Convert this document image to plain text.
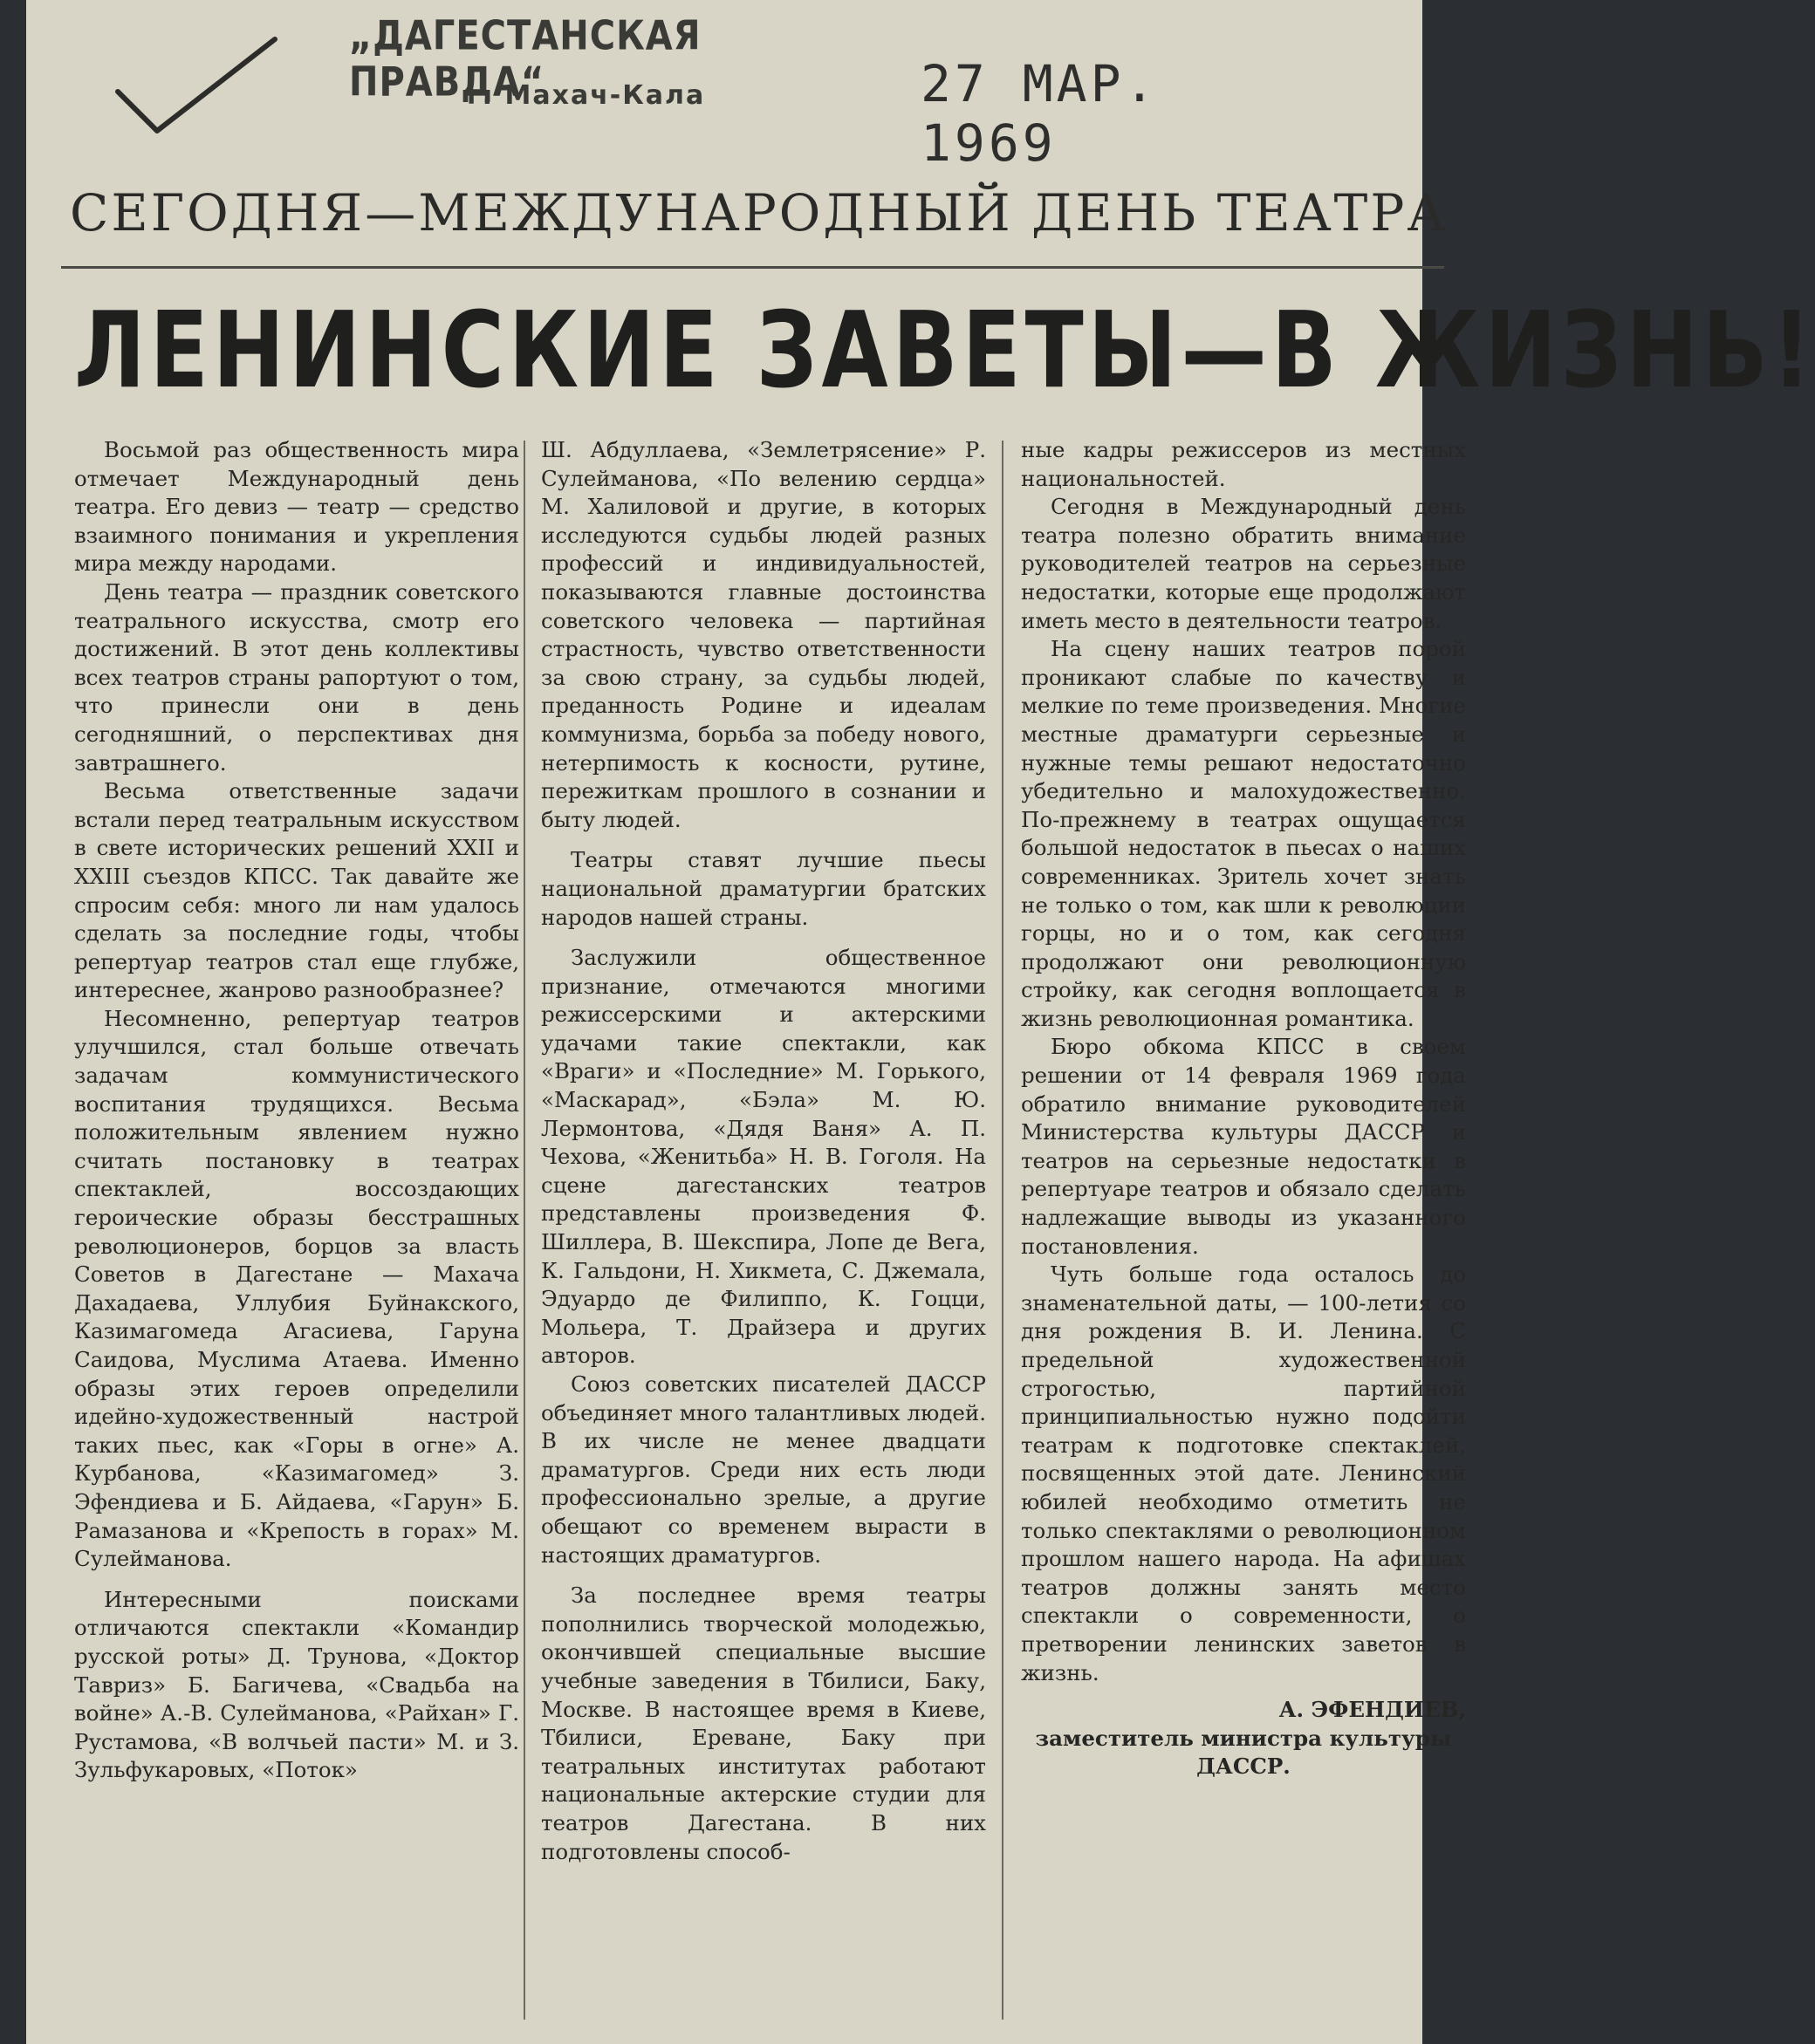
„ДАГЕСТАНСКАЯ ПРАВДА“
г. Махач-Кала	27 МАР. 1969
СЕГОДНЯ—МЕЖДУНАРОДНЫЙ ДЕНЬ ТЕАТРА
ЛЕНИНСКИЕ ЗАВЕТЫ—В ЖИЗНЬ!

Восьмой раз общественность мира отмечает Международный день театра. Его девиз — театр — средство взаимного понимания и укрепления мира между народами.

День театра — праздник советского театрального искусства, смотр его достижений. В этот день коллективы всех театров страны рапортуют о том, что принесли они в день сегодняшний, о перспективах дня завтрашнего.

Весьма ответственные задачи встали перед театральным искусством в свете исторических решений XXII и XXIII съездов КПСС. Так давайте же спросим себя: много ли нам удалось сделать за последние годы, чтобы репертуар театров стал еще глубже, интереснее, жанрово разнообразнее?

Несомненно, репертуар театров улучшился, стал больше отвечать задачам коммунистического воспитания трудящихся. Весьма положительным явлением нужно считать постановку в театрах спектаклей, воссоздающих героические образы бесстрашных революционеров, борцов за власть Советов в Дагестане — Махача Дахадаева, Уллубия Буйнакского, Казимагомеда Агасиева, Гаруна Саидова, Муслима Атаева. Именно образы этих героев определили идейно-художественный настрой таких пьес, как «Горы в огне» А. Курбанова, «Казимагомед» З. Эфендиева и Б. Айдаева, «Гарун» Б. Рамазанова и «Крепость в горах» М. Сулейманова.

Интересными поисками отличаются спектакли «Командир русской роты» Д. Трунова, «Доктор Тавриз» Б. Багичева, «Свадьба на войне» А.-В. Сулейманова, «Райхан» Г. Рустамова, «В волчьей пасти» М. и З. Зульфукаровых, «Поток»

Ш. Абдуллаева, «Землетрясение» Р. Сулейманова, «По велению сердца» М. Халиловой и другие, в которых исследуются судьбы людей разных профессий и индивидуальностей, показываются главные достоинства советского человека — партийная страстность, чувство ответственности за свою страну, за судьбы людей, преданность Родине и идеалам коммунизма, борьба за победу нового, нетерпимость к косности, рутине, пережиткам прошлого в сознании и быту людей.

Театры ставят лучшие пьесы национальной драматургии братских народов нашей страны.

Заслужили общественное признание, отмечаются многими режиссерскими и актерскими удачами такие спектакли, как «Враги» и «Последние» М. Горького, «Маскарад», «Бэла» М. Ю. Лермонтова, «Дядя Ваня» А. П. Чехова, «Женитьба» Н. В. Гоголя. На сцене дагестанских театров представлены произведения Ф. Шиллера, В. Шекспира, Лопе де Вега, К. Гальдони, Н. Хикмета, С. Джемала, Эдуардо де Филиппо, К. Гоцци, Мольера, Т. Драйзера и других авторов.

Союз советских писателей ДАССР объединяет много талантливых людей. В их числе не менее двадцати драматургов. Среди них есть люди профессионально зрелые, а другие обещают со временем вырасти в настоящих драматургов.

За последнее время театры пополнились творческой молодежью, окончившей специальные высшие учебные заведения в Тбилиси, Баку, Москве. В настоящее время в Киеве, Тбилиси, Ереване, Баку при театральных институтах работают национальные актерские студии для театров Дагестана. В них подготовлены способ-

ные кадры режиссеров из местных национальностей.

Сегодня в Международный день театра полезно обратить внимание руководителей театров на серьезные недостатки, которые еще продолжают иметь место в деятельности театров.

На сцену наших театров порой проникают слабые по качеству и мелкие по теме произведения. Многие местные драматурги серьезные и нужные темы решают недостаточно убедительно и малохудожественно. По-прежнему в театрах ощущается большой недостаток в пьесах о наших современниках. Зритель хочет знать не только о том, как шли к революции горцы, но и о том, как сегодня продолжают они революционную стройку, как сегодня воплощается в жизнь революционная романтика.

Бюро обкома КПСС в своем решении от 14 февраля 1969 года обратило внимание руководителей Министерства культуры ДАССР и театров на серьезные недостатки в репертуаре театров и обязало сделать надлежащие выводы из указанного постановления.

Чуть больше года осталось до знаменательной даты, — 100-летия со дня рождения В. И. Ленина. С предельной художественной строгостью, партийной принципиальностью нужно подойти театрам к подготовке спектаклей, посвященных этой дате. Ленинский юбилей необходимо отметить не только спектаклями о революционном прошлом нашего народа. На афишах театров должны занять место спектакли о современности, о претворении ленинских заветов в жизнь.

А. ЭФЕНДИЕВ,

заместитель министра культуры ДАССР.
